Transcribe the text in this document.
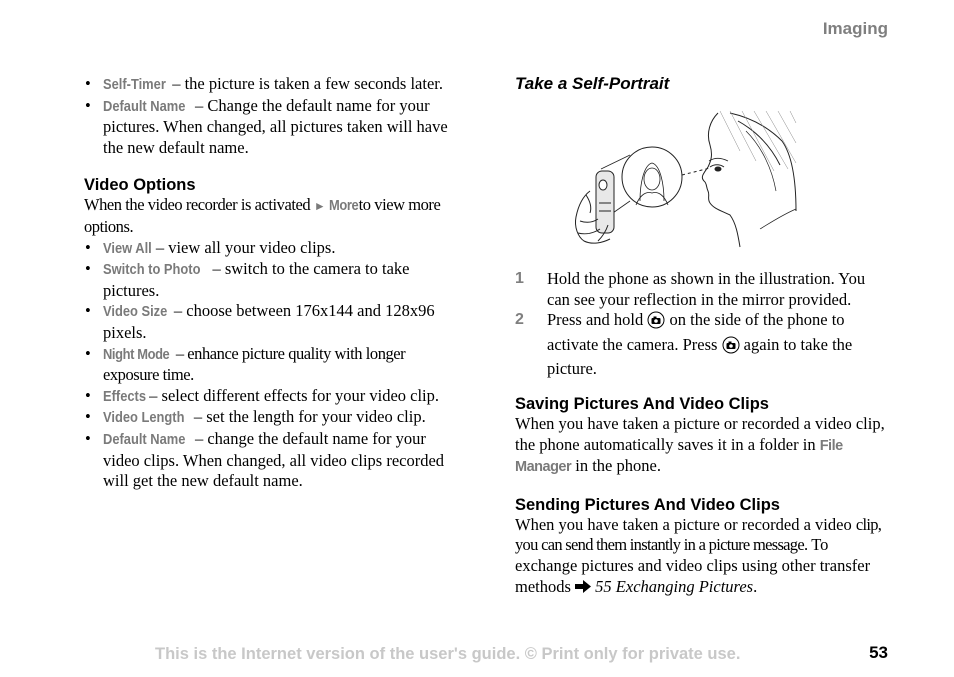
Imaging
• Self-Timer – the picture is taken a few seconds later.
• Default Name – Change the default name for your pictures. When changed, all pictures taken will have the new default name.
Video Options
When the video recorder is activated ► More to view more options.
• View All – view all your video clips.
• Switch to Photo – switch to the camera to take pictures.
• Video Size – choose between 176x144 and 128x96 pixels.
• Night Mode – enhance picture quality with longer exposure time.
• Effects – select different effects for your video clip.
• Video Length – set the length for your video clip.
• Default Name – change the default name for your video clips. When changed, all video clips recorded will get the new default name.

Take a Self-Portrait

1 Hold the phone as shown in the illustration. You can see your reflection in the mirror provided.
2 Press and hold  on the side of the phone to activate the camera. Press  again to take the picture.
Saving Pictures And Video Clips
When you have taken a picture or recorded a video clip, the phone automatically saves it in a folder in File Manager in the phone.
Sending Pictures And Video Clips
When you have taken a picture or recorded a video clip, you can send them instantly in a picture message. To exchange pictures and video clips using other transfer methods  55 Exchanging Pictures.
This is the Internet version of the user's guide. © Print only for private use.	53
